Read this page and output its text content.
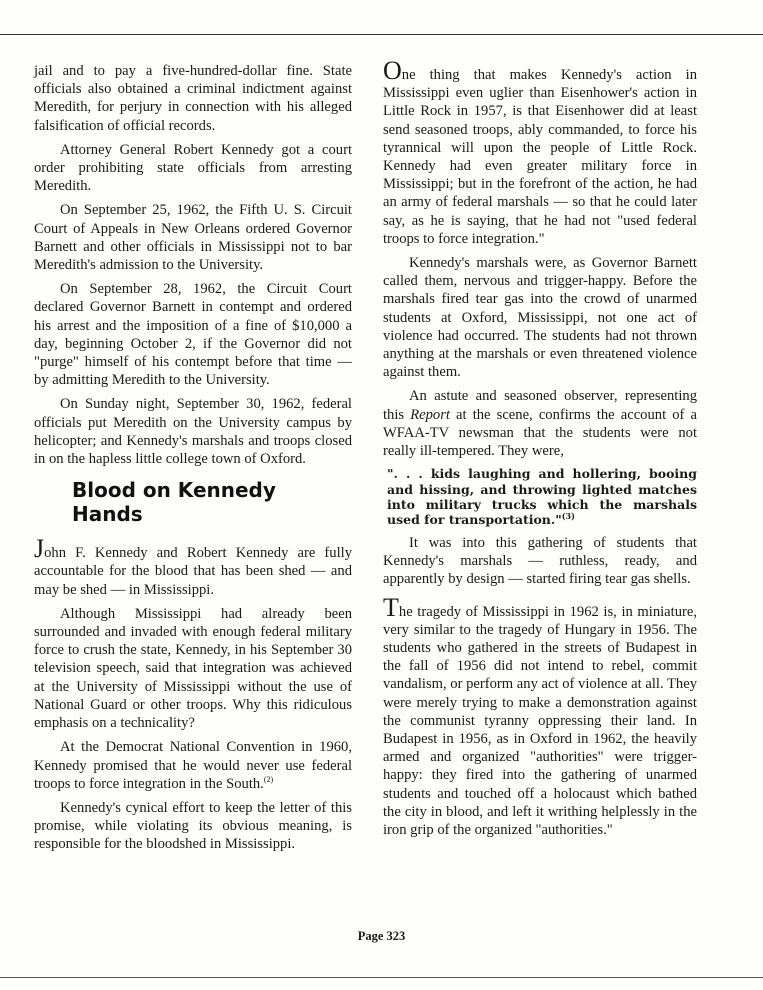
jail and to pay a five-hundred-dollar fine. State officials also obtained a criminal indictment against Meredith, for perjury in connection with his alleged falsification of official records.

Attorney General Robert Kennedy got a court order prohibiting state officials from arresting Meredith.

On September 25, 1962, the Fifth U. S. Circuit Court of Appeals in New Orleans ordered Governor Barnett and other officials in Mississippi not to bar Meredith's admission to the University.

On September 28, 1962, the Circuit Court declared Governor Barnett in contempt and ordered his arrest and the imposition of a fine of $10,000 a day, beginning October 2, if the Governor did not "purge" himself of his contempt before that time — by admitting Meredith to the University.

On Sunday night, September 30, 1962, federal officials put Meredith on the University campus by helicopter; and Kennedy's marshals and troops closed in on the hapless little college town of Oxford.

Blood on Kennedy Hands

John F. Kennedy and Robert Kennedy are fully accountable for the blood that has been shed — and may be shed — in Mississippi.

Although Mississippi had already been surrounded and invaded with enough federal military force to crush the state, Kennedy, in his September 30 television speech, said that integration was achieved at the University of Mississippi without the use of National Guard or other troops. Why this ridiculous emphasis on a technicality?

At the Democrat National Convention in 1960, Kennedy promised that he would never use federal troops to force integration in the South.$^{(2)}$

Kennedy's cynical effort to keep the letter of this promise, while violating its obvious meaning, is responsible for the bloodshed in Mississippi.

One thing that makes Kennedy's action in Mississippi even uglier than Eisenhower's action in Little Rock in 1957, is that Eisenhower did at least send seasoned troops, ably commanded, to force his tyrannical will upon the people of Little Rock. Kennedy had even greater military force in Mississippi; but in the forefront of the action, he had an army of federal marshals — so that he could later say, as he is saying, that he had not "used federal troops to force integration."

Kennedy's marshals were, as Governor Barnett called them, nervous and trigger-happy. Before the marshals fired tear gas into the crowd of unarmed students at Oxford, Mississippi, not one act of violence had occurred. The students had not thrown anything at the marshals or even threatened violence against them.

An astute and seasoned observer, representing this Report at the scene, confirms the account of a WFAA-TV newsman that the students were not really ill-tempered. They were,

". . . kids laughing and hollering, booing and hissing, and throwing lighted matches into military trucks which the marshals used for transportation."$^{(3)}$

It was into this gathering of students that Kennedy's marshals — ruthless, ready, and apparently by design — started firing tear gas shells.

The tragedy of Mississippi in 1962 is, in miniature, very similar to the tragedy of Hungary in 1956. The students who gathered in the streets of Budapest in the fall of 1956 did not intend to rebel, commit vandalism, or perform any act of violence at all. They were merely trying to make a demonstration against the communist tyranny oppressing their land. In Budapest in 1956, as in Oxford in 1962, the heavily armed and organized "authorities" were trigger-happy: they fired into the gathering of unarmed students and touched off a holocaust which bathed the city in blood, and left it writhing helplessly in the iron grip of the organized "authorities."

Page 323
